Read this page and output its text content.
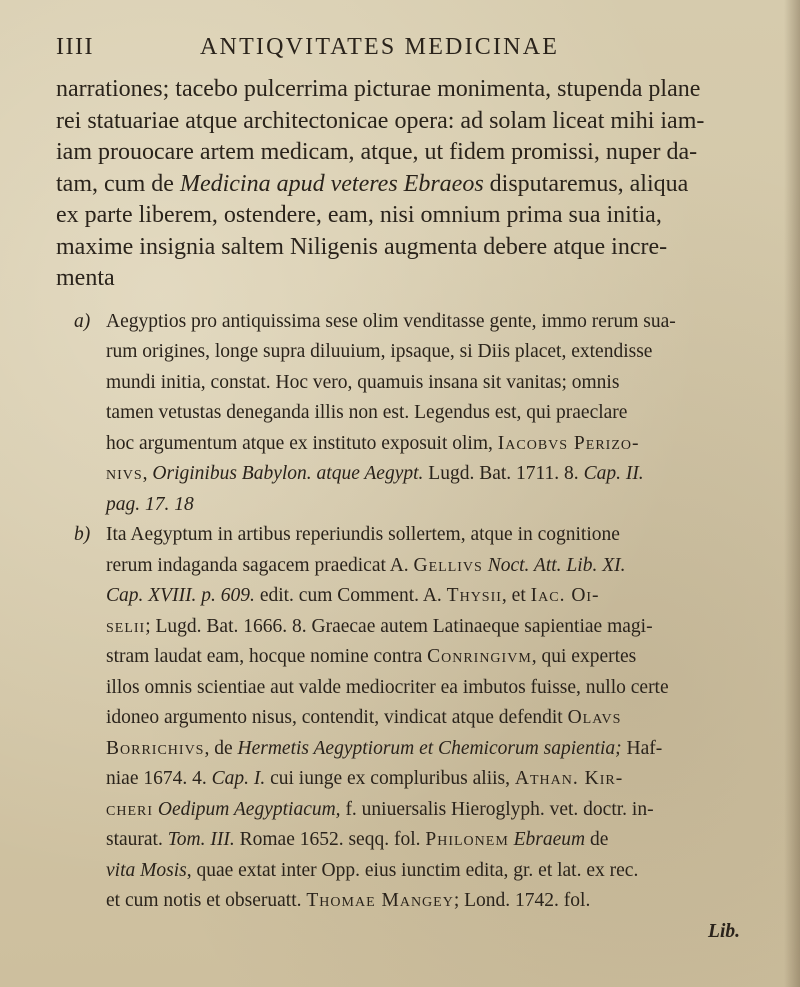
IIII	ANTIQVITATES MEDICINAE
narrationes; tacebo pulcerrima picturae monimenta, stupenda plane
rei statuariae atque architectonicae opera: ad solam liceat mihi iam-
iam prouocare artem medicam, atque, ut fidem promissi, nuper da-
tam, cum de Medicina apud veteres Ebraeos disputaremus, aliqua
ex parte liberem, ostendere, eam, nisi omnium prima sua initia,
maxime insignia saltem Niligenis augmenta debere atque incre-
menta
a) Aegyptios pro antiquissima sese olim venditasse gente, immo rerum sua-
rum origines, longe supra diluuium, ipsaque, si Diis placet, extendisse
mundi initia, constat. Hoc vero, quamuis insana sit vanitas; omnis
tamen vetustas deneganda illis non est. Legendus est, qui praeclare
hoc argumentum atque ex instituto exposuit olim, Iacobvs Perizo-
nivs, Originibus Babylon. atque Aegypt. Lugd. Bat. 1711. 8. Cap. II.
pag. 17. 18
b) Ita Aegyptum in artibus reperiundis sollertem, atque in cognitione
rerum indaganda sagacem praedicat A. Gellivs Noct. Att. Lib. XI.
Cap. XVIII. p. 609. edit. cum Comment. A. Thysii, et Iac. Oi-
selii; Lugd. Bat. 1666. 8. Graecae autem Latinaeque sapientiae magi-
stram laudat eam, hocque nomine contra Conringivm, qui expertes
illos omnis scientiae aut valde mediocriter ea imbutos fuisse, nullo certe
idoneo argumento nisus, contendit, vindicat atque defendit Olavs
Borrichivs, de Hermetis Aegyptiorum et Chemicorum sapientia; Haf-
niae 1674. 4. Cap. I. cui iunge ex compluribus aliis, Athan. Kir-
cheri Oedipum Aegyptiacum, f. uniuersalis Hieroglyph. vet. doctr. in-
staurat. Tom. III. Romae 1652. seqq. fol. Philonem Ebraeum de
vita Mosis, quae extat inter Opp. eius iunctim edita, gr. et lat. ex rec.
et cum notis et obseruatt. Thomae Mangey; Lond. 1742. fol.
Lib.
